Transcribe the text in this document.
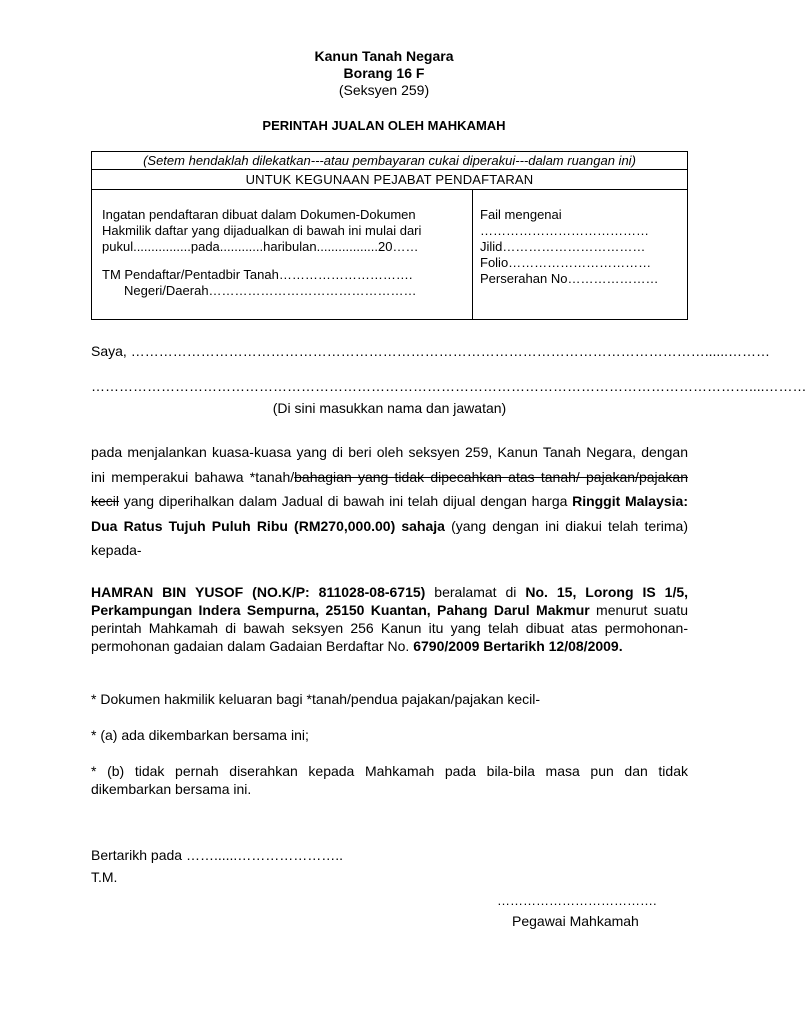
Kanun Tanah Negara
Borang 16 F
(Seksyen 259)
PERINTAH JUALAN OLEH MAHKAMAH
(Setem hendaklah dilekatkan---atau pembayaran cukai diperakui---dalam ruangan ini)
UNTUK KEGUNAAN PEJABAT PENDAFTARAN
Ingatan pendaftaran dibuat dalam Dokumen-Dokumen
Hakmilik daftar yang dijadualkan di bawah ini mulai dari
pukul................pada............haribulan.................20……
TM Pendaftar/Pentadbir Tanah………………………….
Negeri/Daerah…………………………………………
Fail mengenai
…………………………………
Jilid……………………………
Folio……………………………
Perserahan No…………………
Saya, ……………………………………………………………………………………………………………......………
……………………………………………………………………………………………………………………………....………
(Di sini masukkan nama dan jawatan)
pada menjalankan kuasa-kuasa yang di beri oleh seksyen 259, Kanun Tanah Negara, dengan ini memperakui bahawa *tanah/bahagian yang tidak dipecahkan atas tanah/ pajakan/pajakan kecil yang diperihalkan dalam Jadual di bawah ini telah dijual dengan harga Ringgit Malaysia: Dua Ratus Tujuh Puluh Ribu (RM270,000.00) sahaja (yang dengan ini diakui telah terima) kepada-
HAMRAN BIN YUSOF (NO.K/P: 811028-08-6715) beralamat di No. 15, Lorong IS 1/5, Perkampungan Indera Sempurna, 25150 Kuantan, Pahang Darul Makmur menurut suatu perintah Mahkamah di bawah seksyen 256 Kanun itu yang telah dibuat atas permohonan-permohonan gadaian dalam Gadaian Berdaftar No. 6790/2009 Bertarikh 12/08/2009.
* Dokumen hakmilik keluaran bagi *tanah/pendua pajakan/pajakan kecil-
* (a) ada dikembarkan bersama ini;
* (b) tidak pernah diserahkan kepada Mahkamah pada bila-bila masa pun dan tidak dikembarkan bersama ini.
Bertarikh pada ……......…………………..
T.M.
……………………………….
Pegawai Mahkamah
